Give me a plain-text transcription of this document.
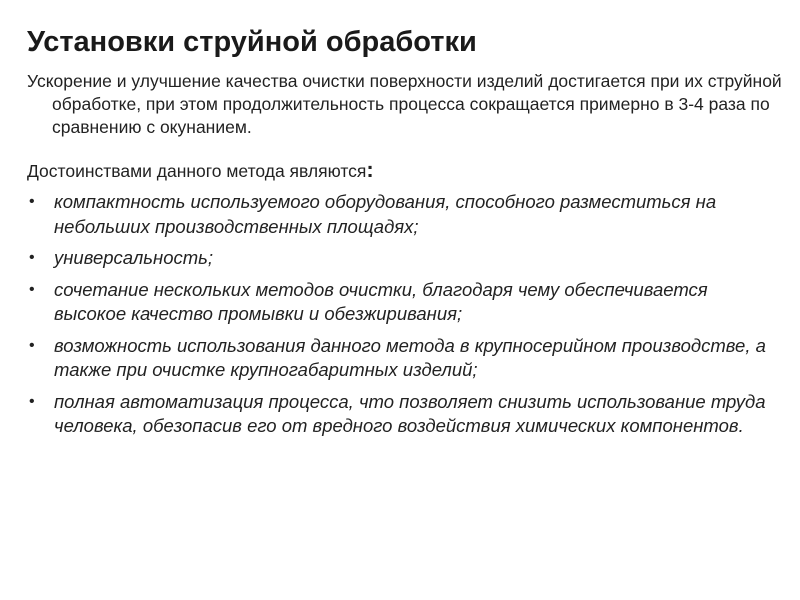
Установки струйной обработки

Ускорение и улучшение качества очистки поверхности изделий достигается при их струйной обработке, при этом продолжительность процесса сокращается примерно в 3-4 раза по сравнению с окунанием.

Достоинствами данного метода являются:

• компактность используемого оборудования, способного разместиться на небольших производственных площадях;
• универсальность;
• сочетание нескольких методов очистки, благодаря чему обеспечивается высокое качество промывки и обезжиривания;
• возможность использования данного метода в крупносерийном производстве, а также при очистке крупногабаритных изделий;
• полная автоматизация процесса, что позволяет снизить использование труда человека, обезопасив его от вредного воздействия химических компонентов.
